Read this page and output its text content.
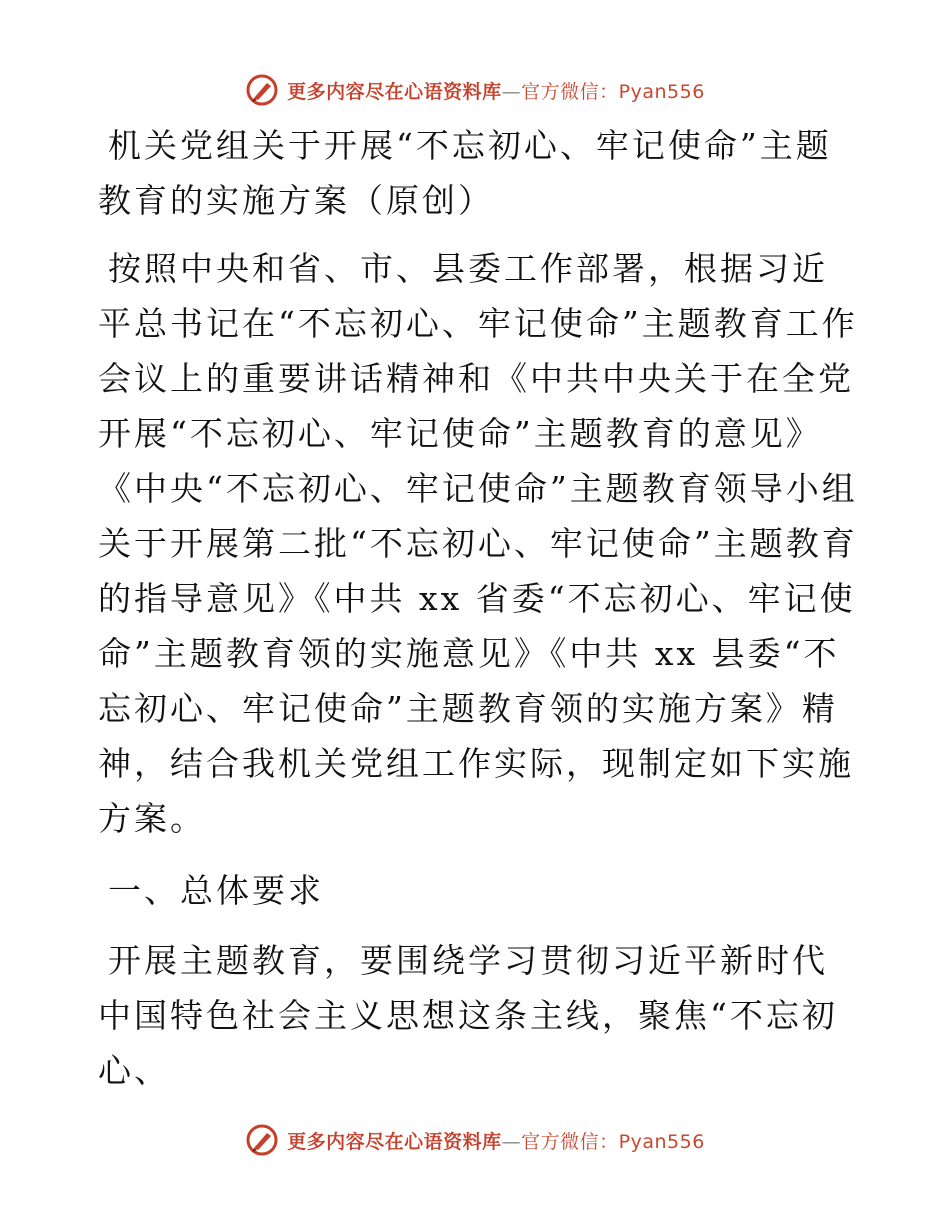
更多内容尽在心语资料库—官方微信：Pyan556

机关党组关于开展“不忘初心、牢记使命”主题教育的实施方案（原创）

按照中央和省、市、县委工作部署，根据习近平总书记在“不忘初心、牢记使命”主题教育工作会议上的重要讲话精神和《中共中央关于在全党开展“不忘初心、牢记使命”主题教育的意见》《中央“不忘初心、牢记使命”主题教育领导小组关于开展第二批“不忘初心、牢记使命”主题教育的指导意见》《中共 xx 省委“不忘初心、牢记使命”主题教育领的实施意见》《中共 xx 县委“不忘初心、牢记使命”主题教育领的实施方案》精神，结合我机关党组工作实际，现制定如下实施方案。

一、总体要求

开展主题教育，要围绕学习贯彻习近平新时代中国特色社会主义思想这条主线，聚焦“不忘初心、

更多内容尽在心语资料库—官方微信：Pyan556
